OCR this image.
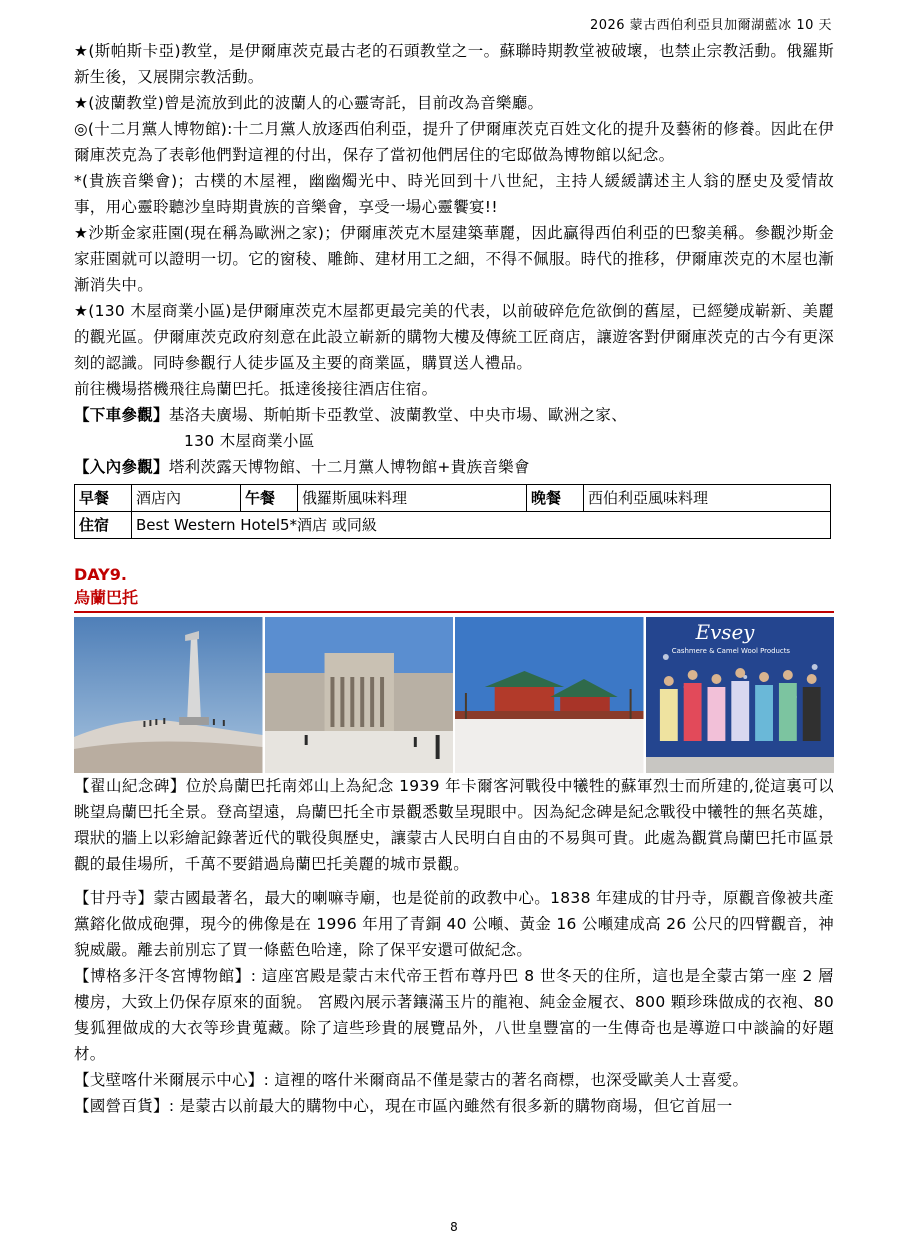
2026 蒙古西伯利亞貝加爾湖藍冰 10 天

★(斯帕斯卡亞)教堂，是伊爾庫茨克最古老的石頭教堂之一。蘇聯時期教堂被破壞，也禁止宗教活動。俄羅斯新生後，又展開宗教活動。

★(波蘭教堂)曾是流放到此的波蘭人的心靈寄託，目前改為音樂廳。

◎(十二月黨人博物館):十二月黨人放逐西伯利亞，提升了伊爾庫茨克百姓文化的提升及藝術的修養。因此在伊爾庫茨克為了表彰他們對這裡的付出，保存了當初他們居住的宅邸做為博物館以紀念。

*(貴族音樂會)；古樸的木屋裡，幽幽燭光中、時光回到十八世紀，主持人緩緩講述主人翁的歷史及愛情故事，用心靈聆聽沙皇時期貴族的音樂會，享受一場心靈饗宴!!

★沙斯金家莊園(現在稱為歐洲之家)；伊爾庫茨克木屋建築華麗，因此贏得西伯利亞的巴黎美稱。參觀沙斯金家莊園就可以證明一切。它的窗稜、雕飾、建材用工之細，不得不佩服。時代的推移，伊爾庫茨克的木屋也漸漸消失中。

★(130 木屋商業小區)是伊爾庫茨克木屋都更最完美的代表，以前破碎危危欲倒的舊屋，已經變成嶄新、美麗的觀光區。伊爾庫茨克政府刻意在此設立嶄新的購物大樓及傳統工匠商店，讓遊客對伊爾庫茨克的古今有更深刻的認識。同時參觀行人徒步區及主要的商業區，購買送人禮品。

前往機場搭機飛往烏蘭巴托。抵達後接往酒店住宿。

【下車參觀】基洛夫廣場、斯帕斯卡亞教堂、波蘭教堂、中央市場、歐洲之家、

130 木屋商業小區

【入內參觀】塔利茨露天博物館、十二月黨人博物館+貴族音樂會

早餐	酒店內	午餐	俄羅斯風味料理	晚餐	西伯利亞風味料理
住宿	Best Western Hotel5*酒店 或同級				
DAY9.
烏蘭巴托
Evsey
Cashmere & Camel Wool Products

【翟山紀念碑】位於烏蘭巴托南郊山上為紀念 1939 年卡爾客河戰役中犧牲的蘇軍烈士而所建的,從這裏可以眺望烏蘭巴托全景。登高望遠，烏蘭巴托全市景觀悉數呈現眼中。因為紀念碑是紀念戰役中犧牲的無名英雄，環狀的牆上以彩繪記錄著近代的戰役與歷史，讓蒙古人民明白自由的不易與可貴。此處為觀賞烏蘭巴托市區景觀的最佳場所，千萬不要錯過烏蘭巴托美麗的城市景觀。

【甘丹寺】蒙古國最著名，最大的喇嘛寺廟，也是從前的政教中心。1838 年建成的甘丹寺，原觀音像被共產黨鎔化做成砲彈，現今的佛像是在 1996 年用了青銅 40 公噸、黃金 16 公噸建成高 26 公尺的四臂觀音，神貌威嚴。離去前別忘了買一條藍色哈達，除了保平安還可做紀念。

【博格多汗冬宮博物館】: 這座宮殿是蒙古末代帝王哲布尊丹巴 8 世冬天的住所，這也是全蒙古第一座 2 層樓房，大致上仍保存原來的面貌。 宮殿內展示著鑲滿玉片的龍袍、純金金履衣、800 顆珍珠做成的衣袍、80 隻狐狸做成的大衣等珍貴蒐藏。除了這些珍貴的展覽品外，八世皇豐富的一生傳奇也是導遊口中談論的好題材。

【戈壁喀什米爾展示中心】: 這裡的喀什米爾商品不僅是蒙古的著名商標，也深受歐美人士喜愛。

【國營百貨】: 是蒙古以前最大的購物中心，現在市區內雖然有很多新的購物商場，但它首屈一

8
